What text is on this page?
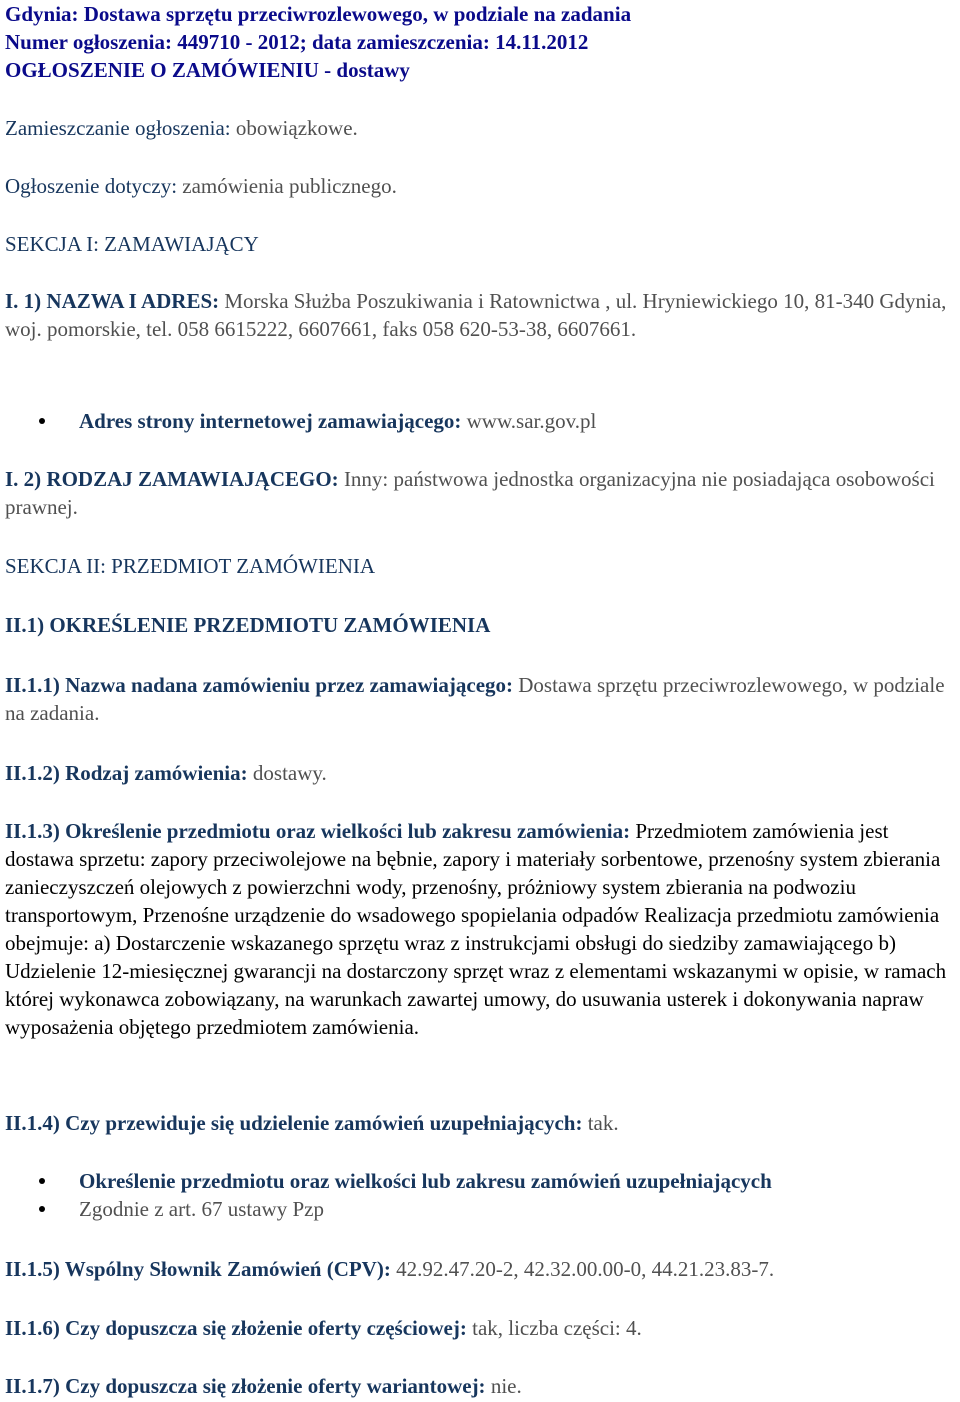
Gdynia: Dostawa sprzętu przeciwrozlewowego, w podziale na zadania
Numer ogłoszenia: 449710 - 2012; data zamieszczenia: 14.11.2012
OGŁOSZENIE O ZAMÓWIENIU - dostawy

Zamieszczanie ogłoszenia: obowiązkowe.

Ogłoszenie dotyczy: zamówienia publicznego.

SEKCJA I: ZAMAWIAJĄCY

I. 1) NAZWA I ADRES: Morska Służba Poszukiwania i Ratownictwa , ul. Hryniewickiego 10, 81-340 Gdynia, woj. pomorskie, tel. 058 6615222, 6607661, faks 058 620-53-38, 6607661.

Adres strony internetowej zamawiającego: www.sar.gov.pl

I. 2) RODZAJ ZAMAWIAJĄCEGO: Inny: państwowa jednostka organizacyjna nie posiadająca osobowości prawnej.

SEKCJA II: PRZEDMIOT ZAMÓWIENIA

II.1) OKREŚLENIE PRZEDMIOTU ZAMÓWIENIA

II.1.1) Nazwa nadana zamówieniu przez zamawiającego: Dostawa sprzętu przeciwrozlewowego, w podziale na zadania.

II.1.2) Rodzaj zamówienia: dostawy.

II.1.3) Określenie przedmiotu oraz wielkości lub zakresu zamówienia: Przedmiotem zamówienia jest dostawa sprzetu: zapory przeciwolejowe na bębnie, zapory i materiały sorbentowe, przenośny system zbierania zanieczyszczeń olejowych z powierzchni wody, przenośny, próżniowy system zbierania na podwoziu transportowym, Przenośne urządzenie do wsadowego spopielania odpadów Realizacja przedmiotu zamówienia obejmuje: a) Dostarczenie wskazanego sprzętu wraz z instrukcjami obsługi do siedziby zamawiającego b) Udzielenie 12-miesięcznej gwarancji na dostarczony sprzęt wraz z elementami wskazanymi w opisie, w ramach której wykonawca zobowiązany, na warunkach zawartej umowy, do usuwania usterek i dokonywania napraw wyposażenia objętego przedmiotem zamówienia.

II.1.4) Czy przewiduje się udzielenie zamówień uzupełniających: tak.

Określenie przedmiotu oraz wielkości lub zakresu zamówień uzupełniających
Zgodnie z art. 67 ustawy Pzp

II.1.5) Wspólny Słownik Zamówień (CPV): 42.92.47.20-2, 42.32.00.00-0, 44.21.23.83-7.

II.1.6) Czy dopuszcza się złożenie oferty częściowej: tak, liczba części: 4.

II.1.7) Czy dopuszcza się złożenie oferty wariantowej: nie.
